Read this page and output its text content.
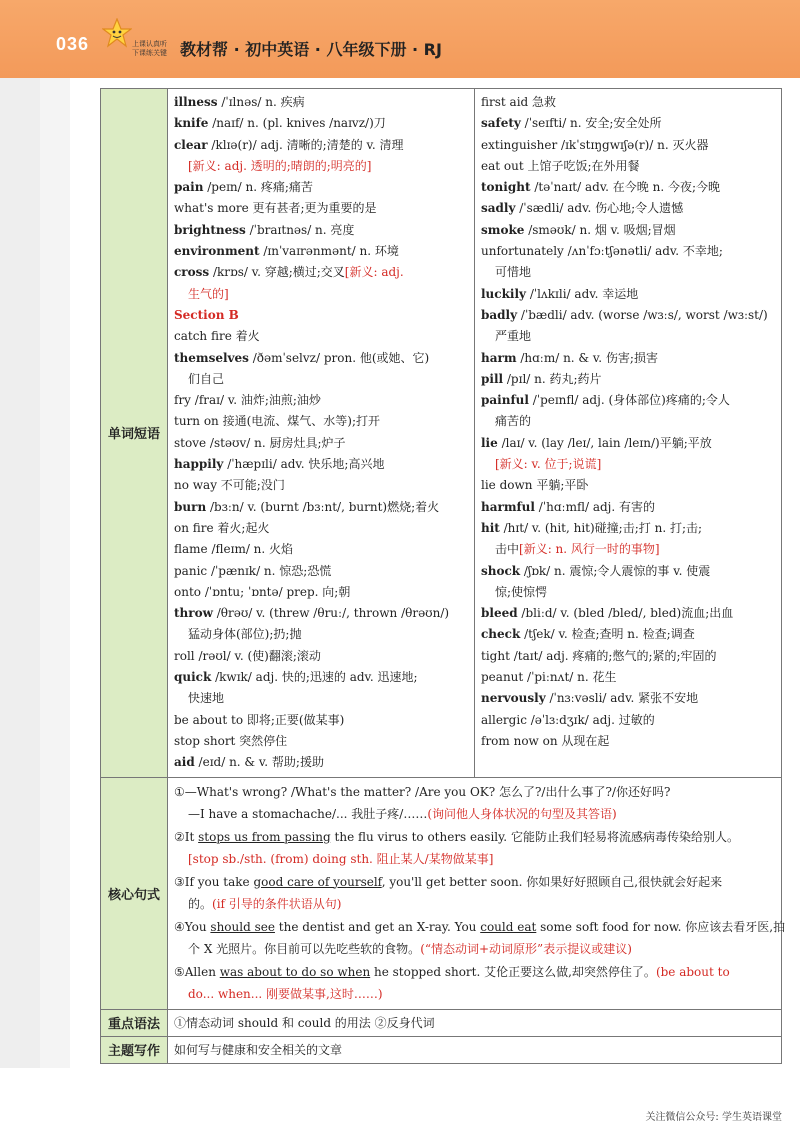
036	上课认真听
下课练关键 教材帮 · 初中英语 · 八年级下册 · RJ
单词短语
illness /ˈɪlnəs/ n. 疾病
knife /naɪf/ n. (pl. knives /naɪvz/)刀
clear /klɪə(r)/ adj. 清晰的;清楚的 v. 清理
[新义: adj. 透明的;晴朗的;明亮的]
pain /peɪn/ n. 疼痛;痛苦
what's more 更有甚者;更为重要的是
brightness /ˈbraɪtnəs/ n. 亮度
environment /ɪnˈvaɪrənmənt/ n. 环境
cross /krɒs/ v. 穿越;横过;交叉[新义: adj.
生气的]
Section B
catch fire 着火
themselves /ðəmˈselvz/ pron. 他(或她、它)
们自己
fry /fraɪ/ v. 油炸;油煎;油炒
turn on 接通(电流、煤气、水等);打开
stove /stəʊv/ n. 厨房灶具;炉子
happily /ˈhæpɪli/ adv. 快乐地;高兴地
no way 不可能;没门
burn /bɜːn/ v. (burnt /bɜːnt/, burnt)燃烧;着火
on fire 着火;起火
flame /fleɪm/ n. 火焰
panic /ˈpænɪk/ n. 惊恐;恐慌
onto /ˈɒntu; ˈɒntə/ prep. 向;朝
throw /θrəʊ/ v. (threw /θruː/, thrown /θrəʊn/)
猛动身体(部位);扔;抛
roll /rəʊl/ v. (使)翻滚;滚动
quick /kwɪk/ adj. 快的;迅速的 adv. 迅速地;
快速地
be about to 即将;正要(做某事)
stop short 突然停住
aid /eɪd/ n. & v. 帮助;援助
first aid 急救
safety /ˈseɪfti/ n. 安全;安全处所
extinguisher /ɪkˈstɪŋgwɪʃə(r)/ n. 灭火器
eat out 上馆子吃饭;在外用餐
tonight /təˈnaɪt/ adv. 在今晚 n. 今夜;今晚
sadly /ˈsædli/ adv. 伤心地;令人遗憾
smoke /sməʊk/ n. 烟 v. 吸烟;冒烟
unfortunately /ʌnˈfɔːtʃənətli/ adv. 不幸地;
可惜地
luckily /ˈlʌkɪli/ adv. 幸运地
badly /ˈbædli/ adv. (worse /wɜːs/, worst /wɜːst/)
严重地
harm /hɑːm/ n. & v. 伤害;损害
pill /pɪl/ n. 药丸;药片
painful /ˈpeɪnfl/ adj. (身体部位)疼痛的;令人
痛苦的
lie /laɪ/ v. (lay /leɪ/, lain /leɪn/)平躺;平放
[新义: v. 位于;说谎]
lie down 平躺;平卧
harmful /ˈhɑːmfl/ adj. 有害的
hit /hɪt/ v. (hit, hit)碰撞;击;打 n. 打;击;
击中[新义: n. 风行一时的事物]
shock /ʃɒk/ n. 震惊;令人震惊的事 v. 使震
惊;使惊愕
bleed /bliːd/ v. (bled /bled/, bled)流血;出血
check /tʃek/ v. 检查;查明 n. 检查;调查
tight /taɪt/ adj. 疼痛的;憋气的;紧的;牢固的
peanut /ˈpiːnʌt/ n. 花生
nervously /ˈnɜːvəsli/ adv. 紧张不安地
allergic /əˈlɜːdʒɪk/ adj. 过敏的
from now on 从现在起
核心句式
①—What's wrong? /What's the matter? /Are you OK? 怎么了?/出什么事了?/你还好吗?
—I have a stomachache/... 我肚子疼/……(询问他人身体状况的句型及其答语)
②It stops us from passing the flu virus to others easily. 它能防止我们轻易将流感病毒传染给别人。
[stop sb./sth. (from) doing sth. 阻止某人/某物做某事]
③If you take good care of yourself, you'll get better soon. 你如果好好照顾自己,很快就会好起来
的。(if 引导的条件状语从句)
④You should see the dentist and get an X-ray. You could eat some soft food for now. 你应该去看牙医,拍
个 X 光照片。你目前可以先吃些软的食物。(“情态动词+动词原形”表示提议或建议)
⑤Allen was about to do so when he stopped short. 艾伦正要这么做,却突然停住了。(be about to
do... when... 刚要做某事,这时……)
重点语法	①情态动词 should 和 could 的用法 ②反身代词
主题写作	如何写与健康和安全相关的文章
关注微信公众号: 学生英语课堂
